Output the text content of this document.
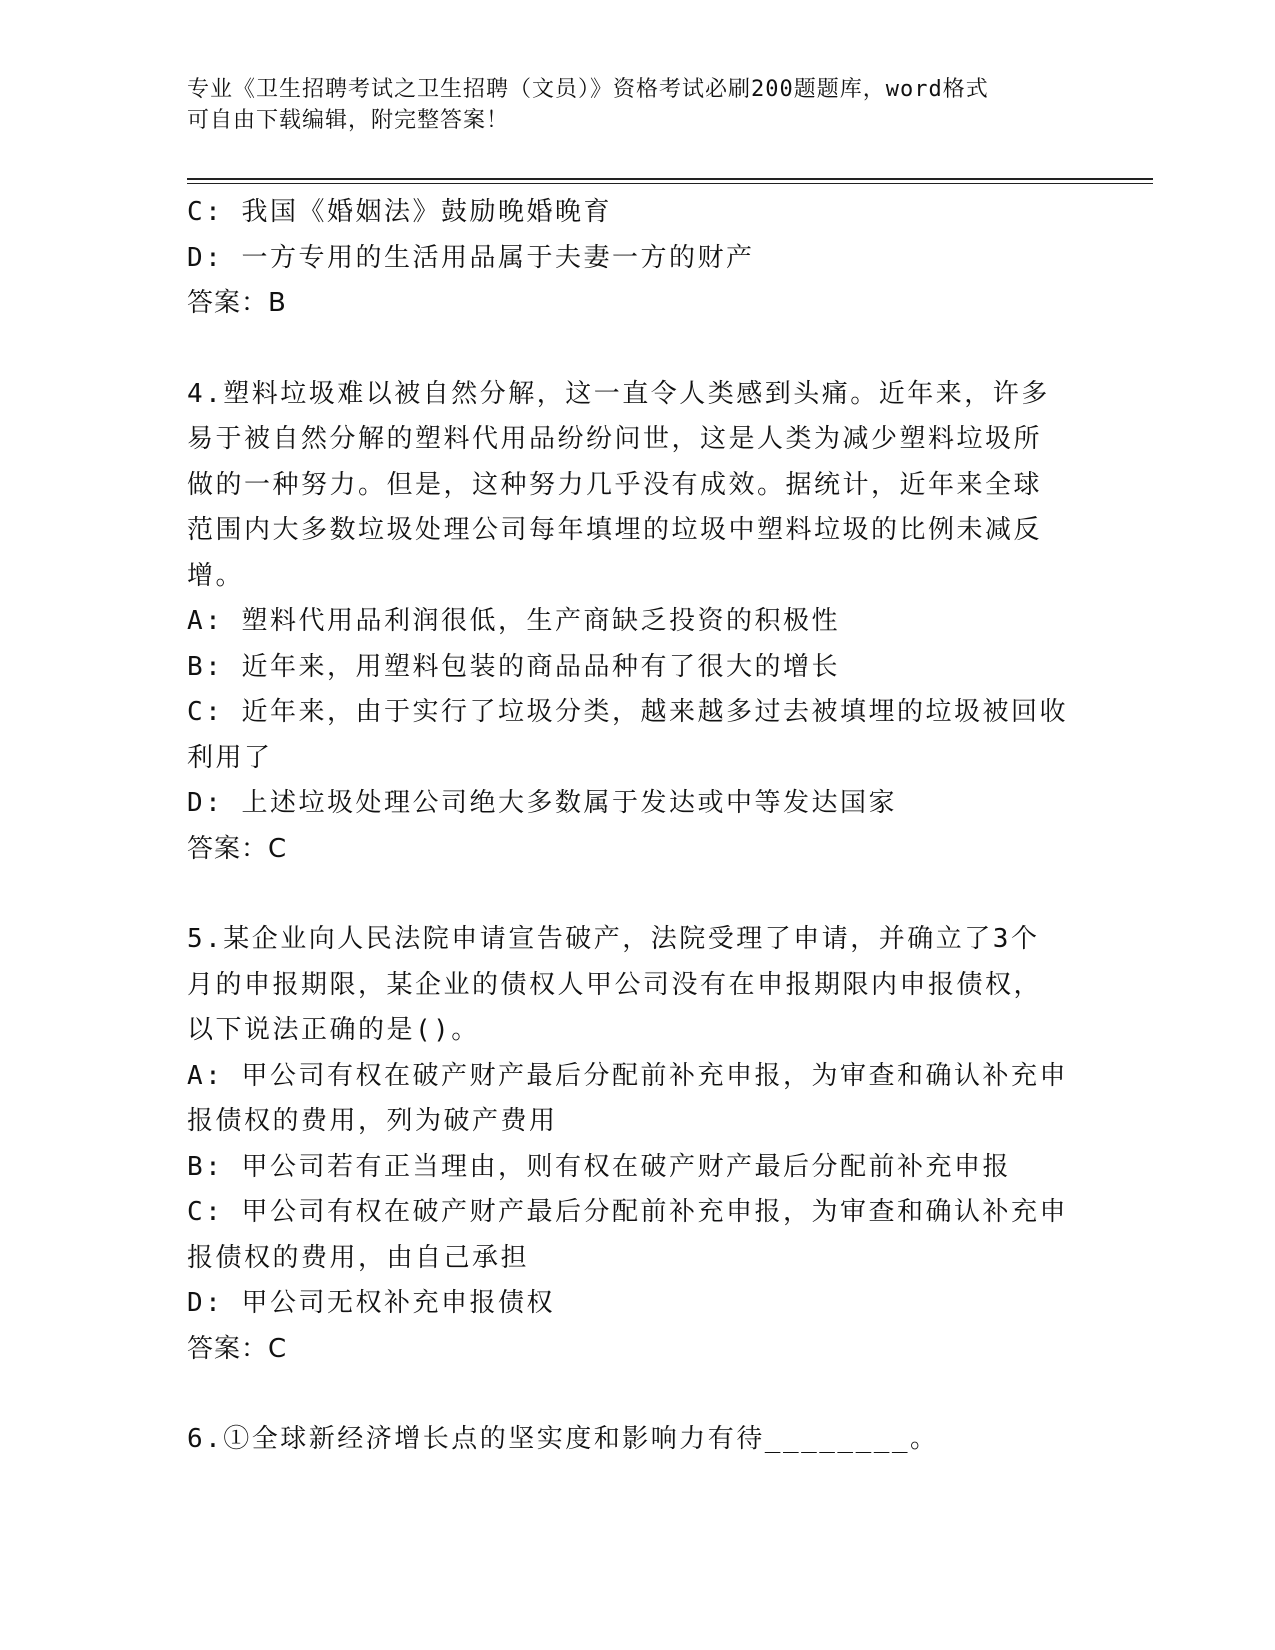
专业《卫生招聘考试之卫生招聘（文员）》资格考试必刷200题题库，word格式
可自由下载编辑，附完整答案！

C: 我国《婚姻法》鼓励晚婚晚育

D: 一方专用的生活用品属于夫妻一方的财产

答案：B

4.塑料垃圾难以被自然分解，这一直令人类感到头痛。近年来，许多

易于被自然分解的塑料代用品纷纷问世，这是人类为减少塑料垃圾所

做的一种努力。但是，这种努力几乎没有成效。据统计，近年来全球

范围内大多数垃圾处理公司每年填埋的垃圾中塑料垃圾的比例未减反

增。

A: 塑料代用品利润很低，生产商缺乏投资的积极性

B: 近年来，用塑料包装的商品品种有了很大的增长

C: 近年来，由于实行了垃圾分类，越来越多过去被填埋的垃圾被回收

利用了

D: 上述垃圾处理公司绝大多数属于发达或中等发达国家

答案：C

5.某企业向人民法院申请宣告破产，法院受理了申请，并确立了3个

月的申报期限，某企业的债权人甲公司没有在申报期限内申报债权，

以下说法正确的是()。

A: 甲公司有权在破产财产最后分配前补充申报，为审查和确认补充申

报债权的费用，列为破产费用

B: 甲公司若有正当理由，则有权在破产财产最后分配前补充申报

C: 甲公司有权在破产财产最后分配前补充申报，为审查和确认补充申

报债权的费用，由自己承担

D: 甲公司无权补充申报债权

答案：C

6.①全球新经济增长点的坚实度和影响力有待________。
